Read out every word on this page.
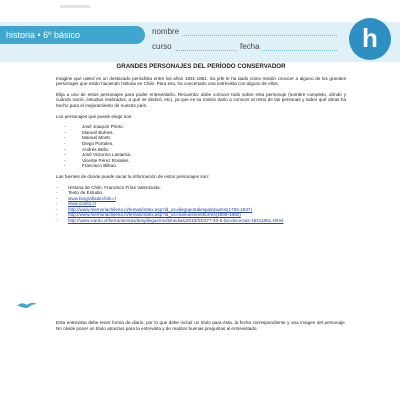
historia • 6º básico	nombre
curso	fecha	h
GRANDES PERSONAJES DEL PERÍODO CONSERVADOR

Imagine que usted es un destacado periodista entre los años 1831-1861. Su jefe le ha dado como misión conocer a alguno de los grandes personajes que están haciendo historia en Chile. Para eso, ha concertado una entrevista con alguno de ellos.

Elija a uno de estos personajes para poder entrevistarlo. Recuerda: debe conocer todo sobre esta personaje (nombre completo, dónde y cuándo nació, estudios realizados, a qué se dedicó, etc), ya que es su misión darlo a conocer al resto de las personas y saber qué obras ha hecho para el mejoramiento de nuestro país.

Los personajes que puede elegir son:

- José Joaquín Prieto.
- Manuel Bulnes.
- Manuel Montt.
- Diego Portales.
- Andrés Bello.
- José Victorino Lastarria.
- Vicente Pérez Rosales.
- Francisco Bilbao.

Las fuentes de donde puede sacar la información de estos personajes son:

- Historia de Chile, Francisco Frías Valenzuela.
- Texto de Estudio.
- www.biografiadechile.cl
- www.icarito.cl
- http://www.memoriachilena.cl/temas/index.asp?id_ut=diegoportalespalazuelos(1793-1837)
- http://www.memoriachilena.cl/temas/index.asp?id_ut=manuelmontttorres(1809-1880)
- http://www.icarito.cl/herramientas/despliegue/multimedias/2010/03/377-33-5-los-decenios-18311861.shtml

Esta entrevista debe tener forma de diario, por lo que debe incluir un título para ésta, la fecha correspondiente y una imagen del personaje. No olvide poner un título atractivo para la entrevista y de realizar buenas preguntas al entrevistado.
